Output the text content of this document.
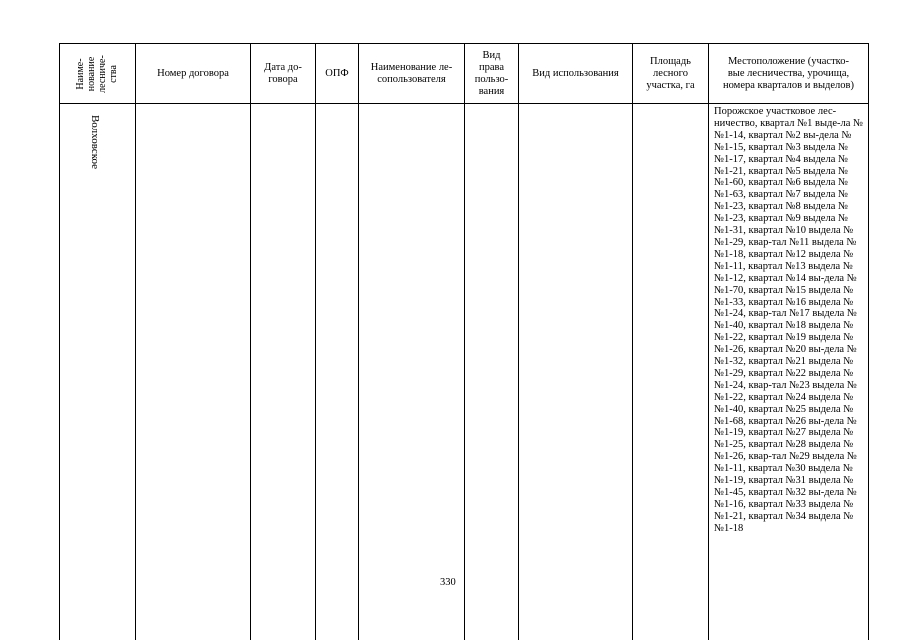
Наиме-
нование
лесниче-
ства	Номер договора
Дата до-
говора
ОПФ
Наименование ле-
сопользователя
Вид
права
пользо-
вания
Вид использования
Площадь
лесного
участка, га
Местоположение (участко-
вые лесничества, урочища,
номера кварталов и выделов)
Волховское
Порожское участковое лес-ничество, квартал №1 выде-ла №№1-14, квартал №2 вы-дела №№1-15, квартал №3 выдела №№1-17, квартал №4 выдела №№1-21, квартал №5 выдела №№1-60, квартал №6 выдела №№1-63, квартал №7 выдела №№1-23, квартал №8 выдела №№1-23, квартал №9 выдела №№1-31, квартал №10 выдела №№1-29, квар-тал №11 выдела №№1-18, квартал №12 выдела №№1-11, квартал №13 выдела №№1-12, квартал №14 вы-дела №№1-70, квартал №15 выдела №№1-33, квартал №16 выдела №№1-24, квар-тал №17 выдела №№1-40, квартал №18 выдела №№1-22, квартал №19 выдела №№1-26, квартал №20 вы-дела №№1-32, квартал №21 выдела №№1-29, квартал №22 выдела №№1-24, квар-тал №23 выдела №№1-22, квартал №24 выдела №№1-40, квартал №25 выдела №№1-68, квартал №26 вы-дела №№1-19, квартал №27 выдела №№1-25, квартал №28 выдела №№1-26, квар-тал №29 выдела №№1-11, квартал №30 выдела №№1-19, квартал №31 выдела №№1-45, квартал №32 вы-дела №№1-16, квартал №33 выдела №№1-21, квартал №34 выдела №№1-18
330
